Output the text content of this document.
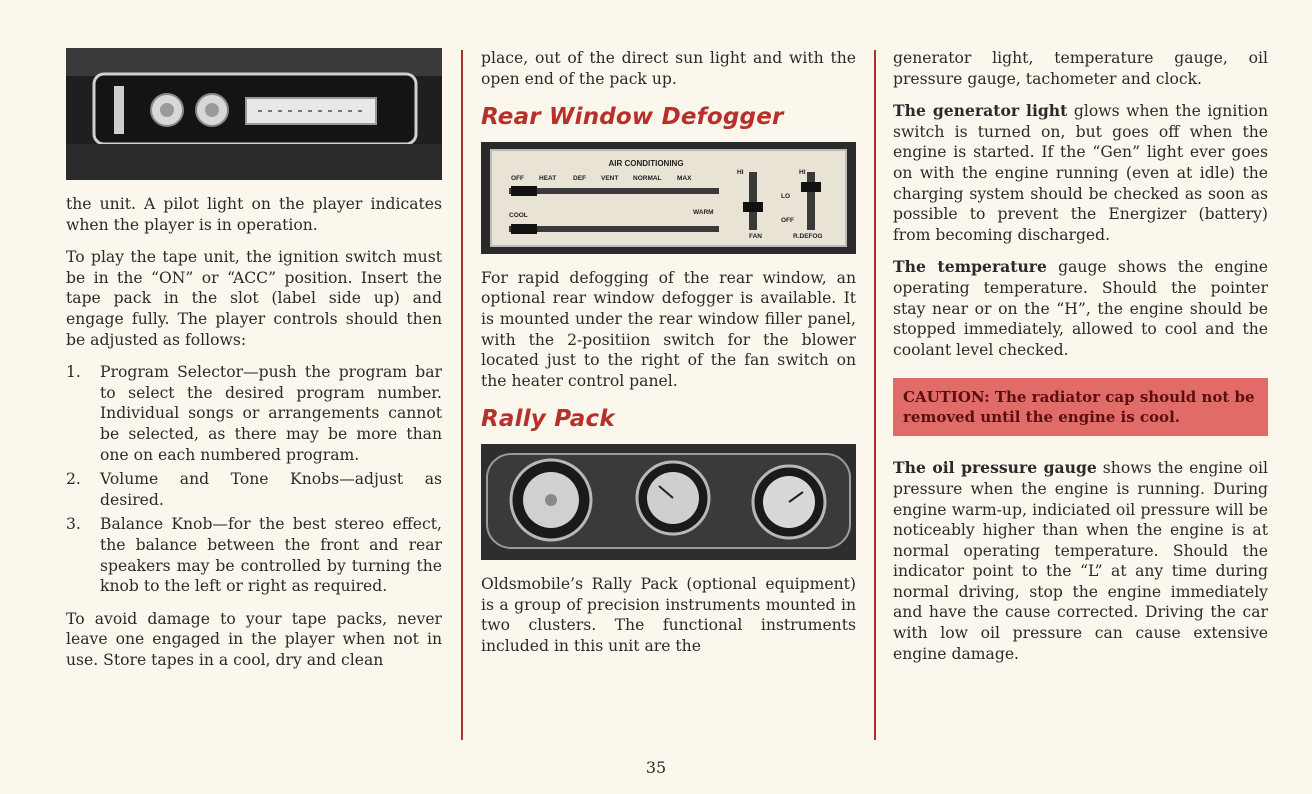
the unit. A pilot light on the player indicates when the player is in operation.

To play the tape unit, the ignition switch must be in the “ON” or “ACC” position. Insert the tape pack in the slot (label side up) and engage fully. The player controls should then be adjusted as follows:

1. Program Selector—push the program bar to select the desired program number. Individual songs or arrangements cannot be selected, as there may be more than one on each numbered program.
2. Volume and Tone Knobs—adjust as desired.
3. Balance Knob—for the best stereo effect, the balance between the front and rear speakers may be controlled by turning the knob to the left or right as required.

To avoid damage to your tape packs, never leave one engaged in the player when not in use. Store tapes in a cool, dry and clean

place, out of the direct sun light and with the open end of the pack up.

Rear Window Defogger
AIR CONDITIONING
OFF HEAT	DEF VENT NORMAL MAX
COOL	WARM
HI	HI
LO
OFF
FAN	R.DEFOG

For rapid defogging of the rear window, an optional rear window defogger is available. It is mounted under the rear window filler panel, with the 2-positiion switch for the blower located just to the right of the fan switch on the heater control panel.

Rally Pack

Oldsmobile’s Rally Pack (optional equipment) is a group of precision instruments mounted in two clusters. The functional instruments included in this unit are the

generator light, temperature gauge, oil pressure gauge, tachometer and clock.

The generator light glows when the ignition switch is turned on, but goes off when the engine is started. If the “Gen” light ever goes on with the engine running (even at idle) the charging system should be checked as soon as possible to prevent the Energizer (battery) from becoming discharged.

The temperature gauge shows the engine operating temperature. Should the pointer stay near or on the “H”, the engine should be stopped immediately, allowed to cool and the coolant level checked.

CAUTION: The radiator cap should not be removed until the engine is cool.

The oil pressure gauge shows the engine oil pressure when the engine is running. During engine warm-up, indiciated oil pressure will be noticeably higher than when the engine is at normal operating temperature. Should the indicator point to the “L” at any time during normal driving, stop the engine immediately and have the cause corrected. Driving the car with low oil pressure can cause extensive engine damage.

35
